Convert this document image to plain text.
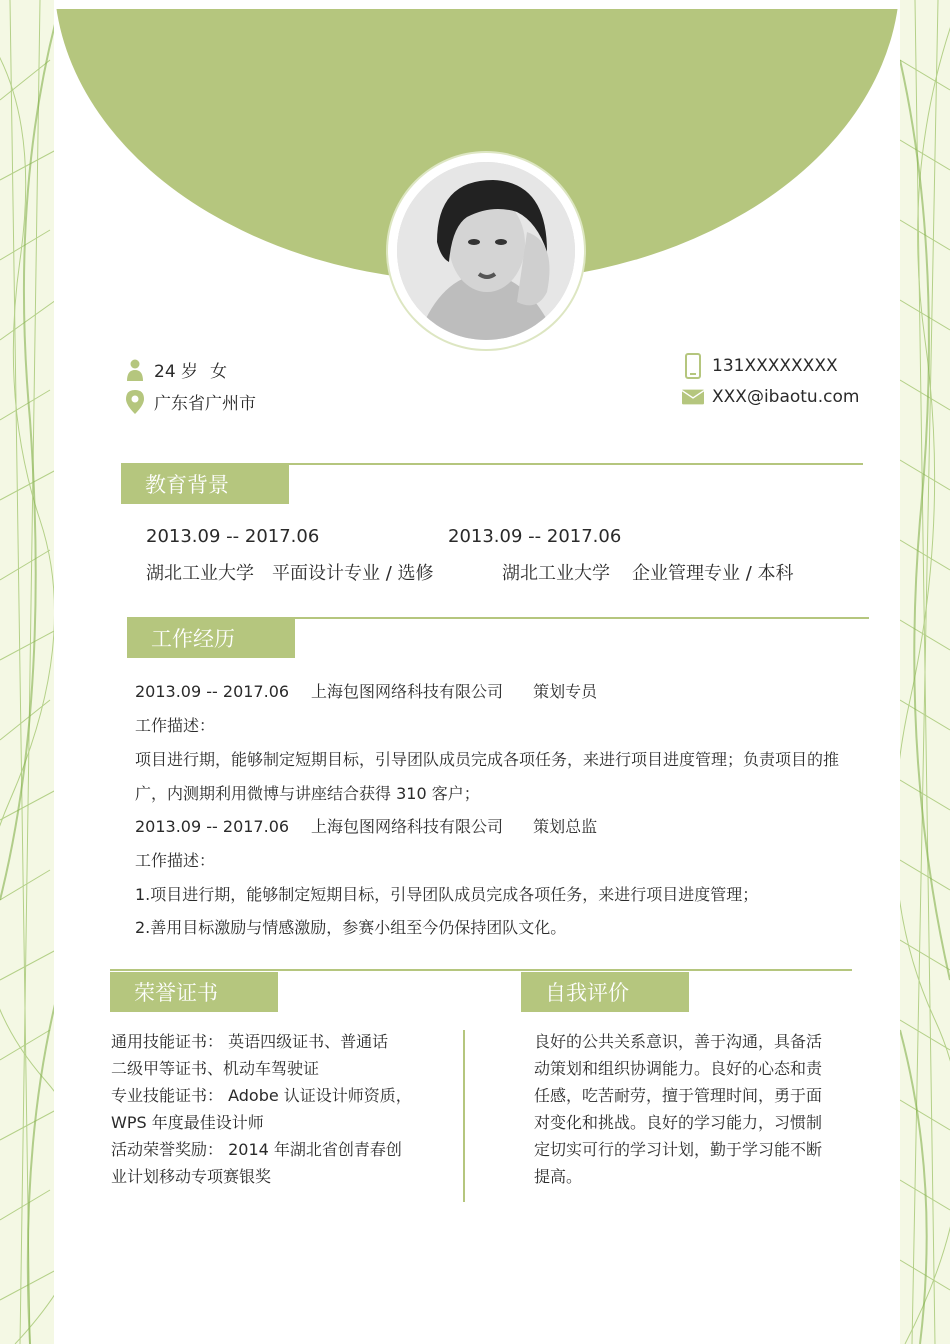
24 岁 女
广东省广州市
131XXXXXXXX
XXX@ibaotu.com
教育背景
2013.09 -- 2017.06
湖北工业大学 平面设计专业 / 选修
2013.09 -- 2017.06
湖北工业大学 企业管理专业 / 本科
工作经历
2013.09 -- 2017.06 上海包图网络科技有限公司 策划专员
工作描述：
项目进行期，能够制定短期目标，引导团队成员完成各项任务，来进行项目进度管理；负责项目的推
广，内测期利用微博与讲座结合获得 310 客户；
2013.09 -- 2017.06 上海包图网络科技有限公司 策划总监
工作描述：
1.项目进行期，能够制定短期目标，引导团队成员完成各项任务，来进行项目进度管理；
2.善用目标激励与情感激励，参赛小组至今仍保持团队文化。
荣誉证书	自我评价
通用技能证书： 英语四级证书、普通话
二级甲等证书、机动车驾驶证
专业技能证书： Adobe 认证设计师资质，
WPS 年度最佳设计师
活动荣誉奖励： 2014 年湖北省创青春创
业计划移动专项赛银奖
良好的公共关系意识，善于沟通，具备活
动策划和组织协调能力。良好的心态和责
任感，吃苦耐劳，擅于管理时间，勇于面
对变化和挑战。良好的学习能力，习惯制
定切实可行的学习计划，勤于学习能不断
提高。
